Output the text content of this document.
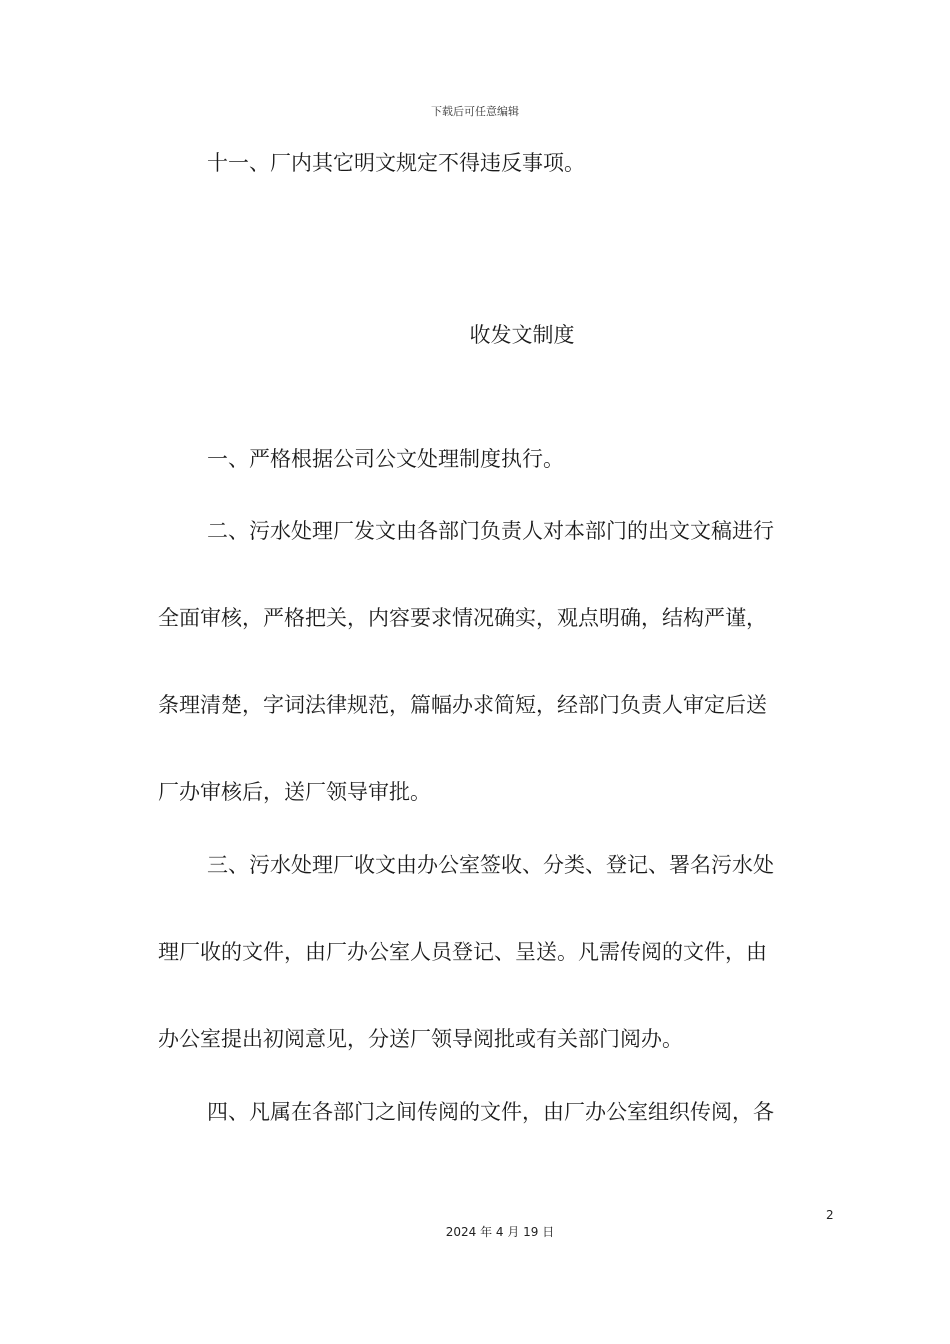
下载后可任意编辑
十一、厂内其它明文规定不得违反事项。
收发文制度
一、严格根据公司公文处理制度执行。
二、污水处理厂发文由各部门负责人对本部门的出文文稿进行
全面审核，严格把关，内容要求情况确实，观点明确，结构严谨，
条理清楚，字词法律规范，篇幅办求简短，经部门负责人审定后送
厂办审核后，送厂领导审批。
三、污水处理厂收文由办公室签收、分类、登记、署名污水处
理厂收的文件，由厂办公室人员登记、呈送。凡需传阅的文件，由
办公室提出初阅意见，分送厂领导阅批或有关部门阅办。
四、凡属在各部门之间传阅的文件，由厂办公室组织传阅，各
2
2024 年 4 月 19 日
